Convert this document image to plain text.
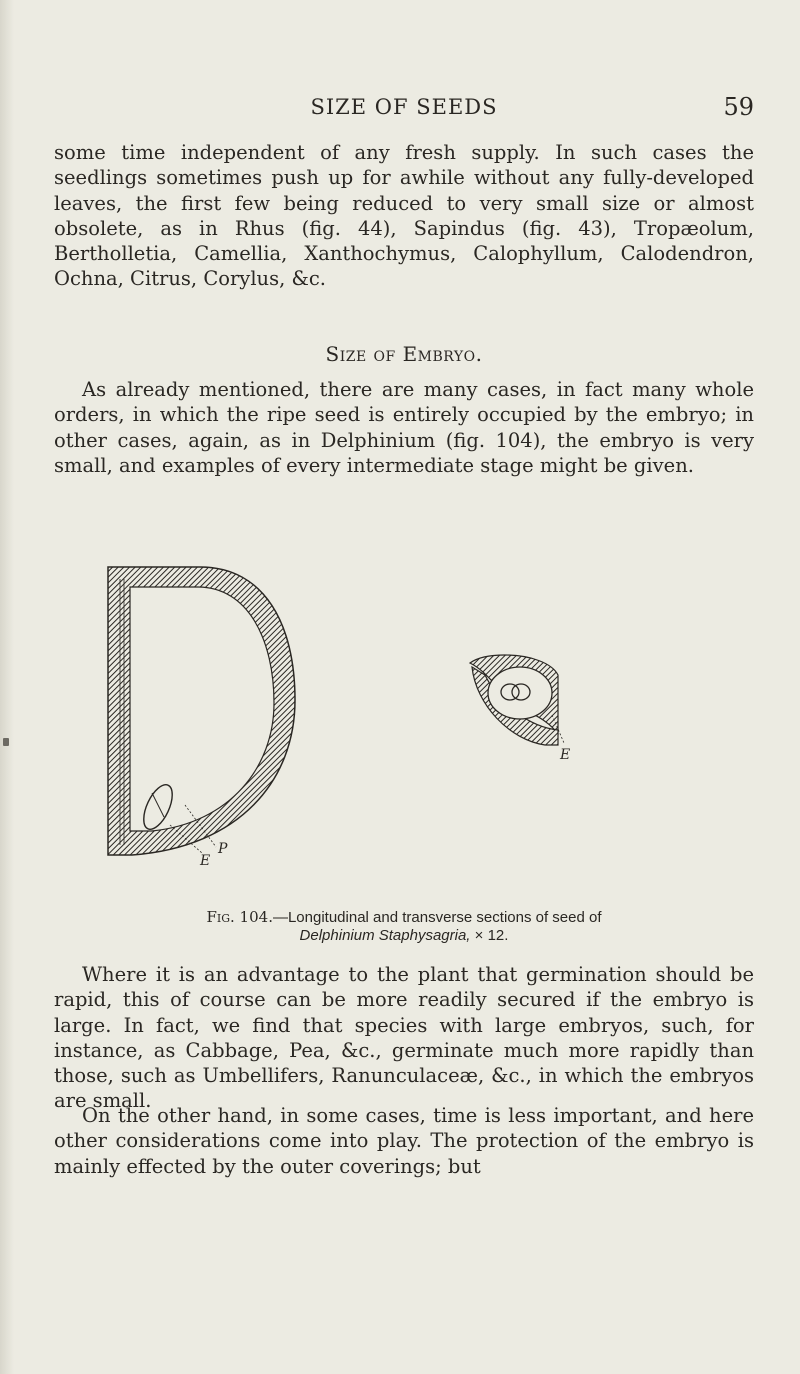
SIZE OF SEEDS	59

some time independent of any fresh supply. In such cases the seedlings sometimes push up for awhile without any fully-developed leaves, the first few being reduced to very small size or almost obsolete, as in Rhus (fig. 44), Sapindus (fig. 43), Tropæolum, Bertholletia, Camellia, Xanthochymus, Calophyllum, Calodendron, Ochna, Citrus, Corylus, &c.

Size of Embryo.

As already mentioned, there are many cases, in fact many whole orders, in which the ripe seed is entirely occupied by the embryo; in other cases, again, as in Delphinium (fig. 104), the embryo is very small, and examples of every intermediate stage might be given.

E
P
E
Fig. 104.—Longitudinal and transverse sections of seed of
Delphinium Staphysagria, × 12.

Where it is an advantage to the plant that germination should be rapid, this of course can be more readily secured if the embryo is large. In fact, we find that species with large embryos, such, for instance, as Cabbage, Pea, &c., germinate much more rapidly than those, such as Umbellifers, Ranunculaceæ, &c., in which the embryos are small.

On the other hand, in some cases, time is less important, and here other considerations come into play. The protection of the embryo is mainly effected by the outer coverings; but
